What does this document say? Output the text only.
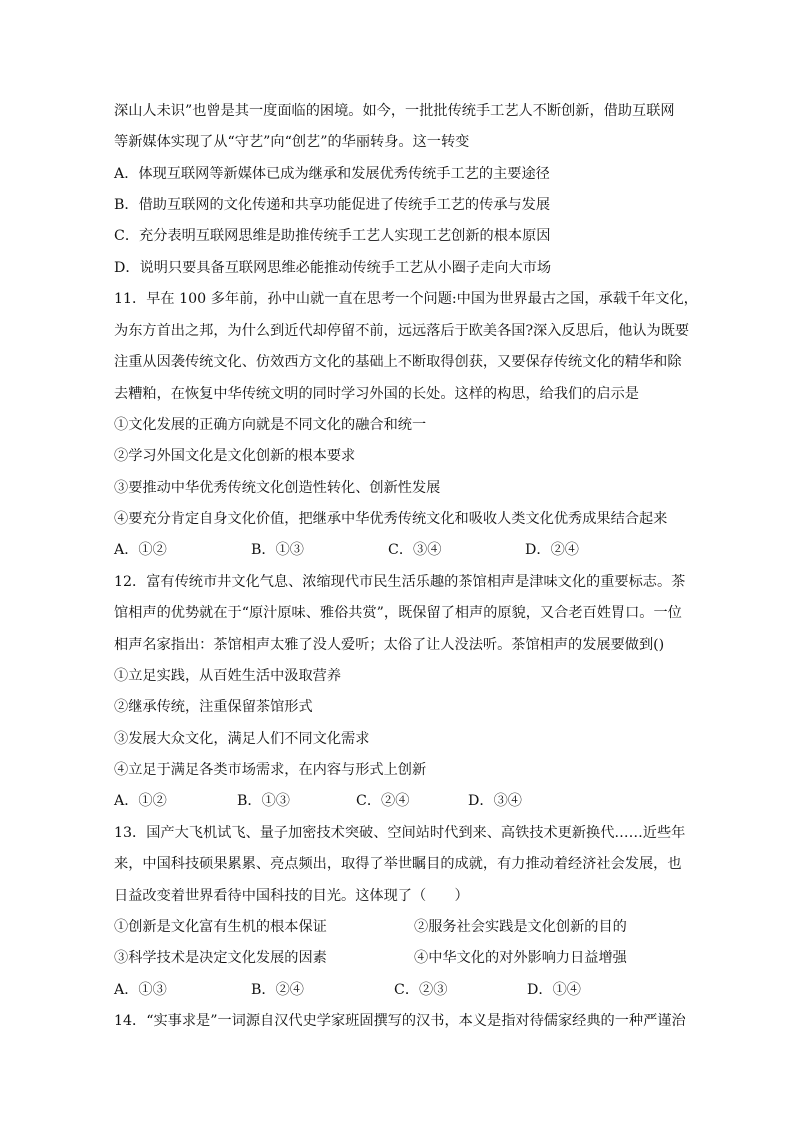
深山人未识”也曾是其一度面临的困境。如今，一批批传统手工艺人不断创新，借助互联网
等新媒体实现了从“守艺”向“创艺”的华丽转身。这一转变
A．体现互联网等新媒体已成为继承和发展优秀传统手工艺的主要途径
B．借助互联网的文化传递和共享功能促进了传统手工艺的传承与发展
C．充分表明互联网思维是助推传统手工艺人实现工艺创新的根本原因
D．说明只要具备互联网思维必能推动传统手工艺从小圈子走向大市场
11．早在 100 多年前，孙中山就一直在思考一个问题:中国为世界最古之国，承载千年文化，
为东方首出之邦，为什么到近代却停留不前，远远落后于欧美各国?深入反思后，他认为既要
注重从因袭传统文化、仿效西方文化的基础上不断取得创获，又要保存传统文化的精华和除
去糟粕，在恢复中华传统文明的同时学习外国的长处。这样的构思，给我们的启示是
①文化发展的正确方向就是不同文化的融合和统一
②学习外国文化是文化创新的根本要求
③要推动中华优秀传统文化创造性转化、创新性发展
④要充分肯定自身文化价值，把继承中华优秀传统文化和吸收人类文化优秀成果结合起来
A．①②	B．①③	C．③④	D．②④
12．富有传统市井文化气息、浓缩现代市民生活乐趣的茶馆相声是津味文化的重要标志。茶
馆相声的优势就在于“原汁原味、雅俗共赏”，既保留了相声的原貌，又合老百姓胃口。一位
相声名家指出：茶馆相声太雅了没人爱听；太俗了让人没法听。茶馆相声的发展要做到()
①立足实践，从百姓生活中汲取营养
②继承传统，注重保留茶馆形式
③发展大众文化，满足人们不同文化需求
④立足于满足各类市场需求，在内容与形式上创新
A．①②	B．①③	C．②④	D．③④
13．国产大飞机试飞、量子加密技术突破、空间站时代到来、高铁技术更新换代……近些年
来，中国科技硕果累累、亮点频出，取得了举世瞩目的成就，有力推动着经济社会发展，也
日益改变着世界看待中国科技的目光。这体现了（　　）
①创新是文化富有生机的根本保证	②服务社会实践是文化创新的目的
③科学技术是决定文化发展的因素	④中华文化的对外影响力日益增强
A．①③	B．②④	C．②③	D．①④
14．“实事求是”一词源自汉代史学家班固撰写的汉书，本义是指对待儒家经典的一种严谨治
